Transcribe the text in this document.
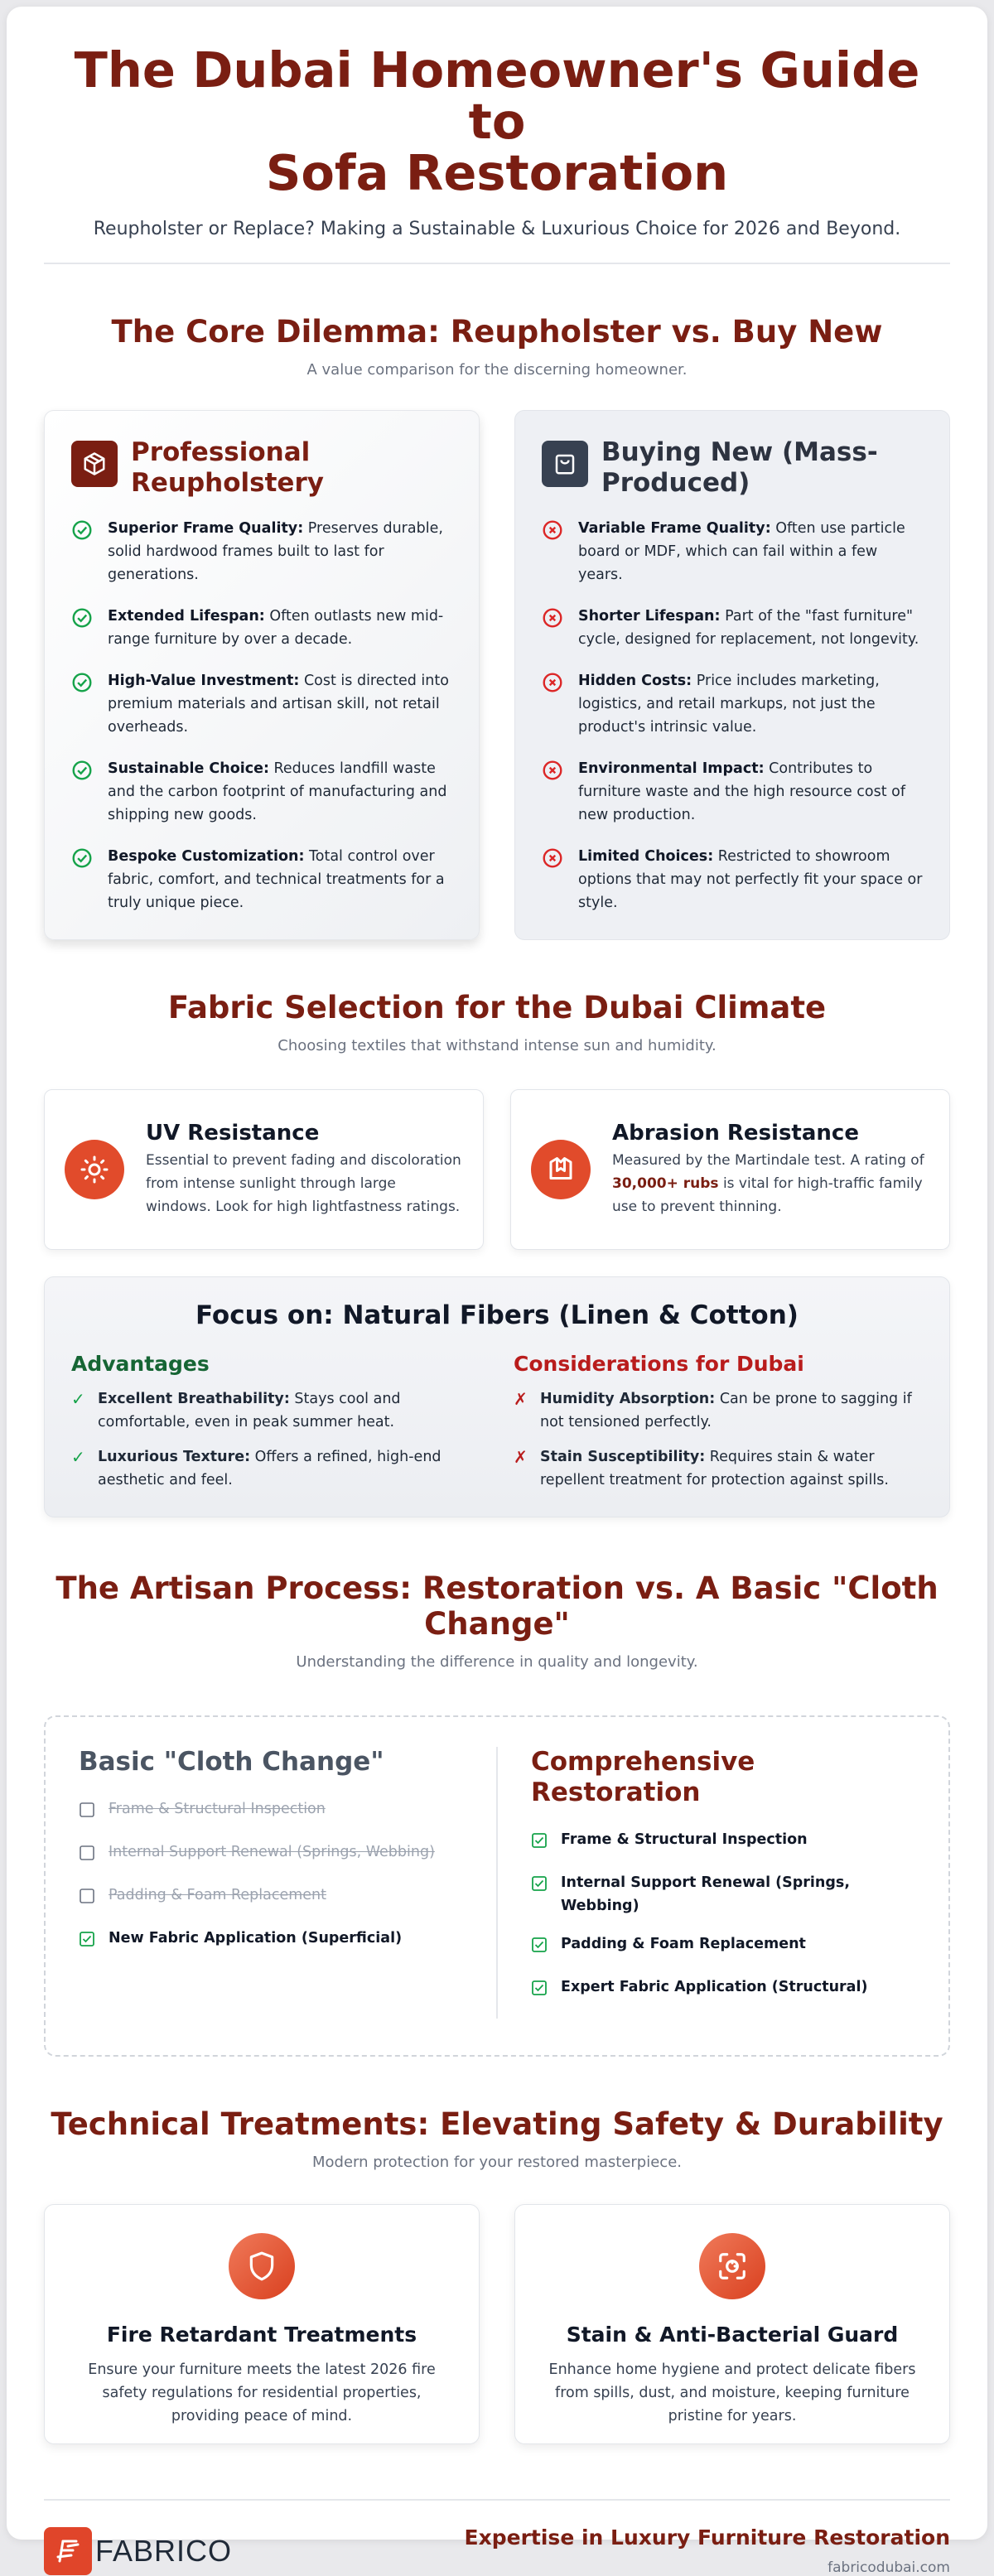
The Dubai Homeowner's Guide to
Sofa Restoration

Reupholster or Replace? Making a Sustainable & Luxurious Choice for 2026 and Beyond.

The Core Dilemma: Reupholster vs. Buy New

A value comparison for the discerning homeowner.

Professional
Reupholstery
Superior Frame Quality: Preserves durable, solid hardwood frames built to last for generations.
Extended Lifespan: Often outlasts new mid-range furniture by over a decade.
High-Value Investment: Cost is directed into premium materials and artisan skill, not retail overheads.
Sustainable Choice: Reduces landfill waste and the carbon footprint of manufacturing and shipping new goods.
Bespoke Customization: Total control over fabric, comfort, and technical treatments for a truly unique piece.
Buying New (Mass-
Produced)
Variable Frame Quality: Often use particle board or MDF, which can fail within a few years.
Shorter Lifespan: Part of the "fast furniture" cycle, designed for replacement, not longevity.
Hidden Costs: Price includes marketing, logistics, and retail markups, not just the product's intrinsic value.
Environmental Impact: Contributes to furniture waste and the high resource cost of new production.
Limited Choices: Restricted to showroom options that may not perfectly fit your space or style.
Fabric Selection for the Dubai Climate

Choosing textiles that withstand intense sun and humidity.

UV Resistance
Essential to prevent fading and discoloration from intense sunlight through large windows. Look for high lightfastness ratings.
Abrasion Resistance
Measured by the Martindale test. A rating of 30,000+ rubs is vital for high-traffic family use to prevent thinning.
Focus on: Natural Fibers (Linen & Cotton)
Advantages
✓ Excellent Breathability: Stays cool and comfortable, even in peak summer heat.
✓ Luxurious Texture: Offers a refined, high-end aesthetic and feel.
Considerations for Dubai
✗ Humidity Absorption: Can be prone to sagging if not tensioned perfectly.
✗ Stain Susceptibility: Requires stain & water repellent treatment for protection against spills.
The Artisan Process: Restoration vs. A Basic "Cloth
Change"

Understanding the difference in quality and longevity.

Basic "Cloth Change"
Frame & Structural Inspection
Internal Support Renewal (Springs, Webbing)
Padding & Foam Replacement
New Fabric Application (Superficial)
Comprehensive
Restoration
Frame & Structural Inspection
Internal Support Renewal (Springs, Webbing)
Padding & Foam Replacement
Expert Fabric Application (Structural)
Technical Treatments: Elevating Safety & Durability

Modern protection for your restored masterpiece.

Fire Retardant Treatments
Ensure your furniture meets the latest 2026 fire safety regulations for residential properties, providing peace of mind.
Stain & Anti-Bacterial Guard
Enhance home hygiene and protect delicate fibers from spills, dust, and moisture, keeping furniture pristine for years.
FABRICO	Expertise in Luxury Furniture Restoration
fabricodubai.com
